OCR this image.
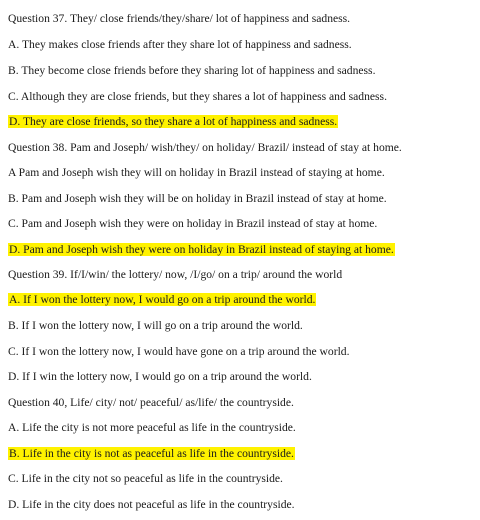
Question 37. They/ close friends/they/share/ lot of happiness and sadness.
A. They makes close friends after they share lot of happiness and sadness.
B. They become close friends before they sharing lot of happiness and sadness.
C. Although they are close friends, but they shares a lot of happiness and sadness.
D. They are close friends, so they share a lot of happiness and sadness.
Question 38. Pam and Joseph/ wish/they/ on holiday/ Brazil/ instead of stay at home.
A Pam and Joseph wish they will on holiday in Brazil instead of staying at home.
B. Pam and Joseph wish they will be on holiday in Brazil instead of stay at home.
C. Pam and Joseph wish they were on holiday in Brazil instead of stay at home.
D. Pam and Joseph wish they were on holiday in Brazil instead of staying at home.
Question 39. If/I/win/ the lottery/ now, /I/go/ on a trip/ around the world
A. If I won the lottery now, I would go on a trip around the world.
B. If I won the lottery now, I will go on a trip around the world.
C. If I won the lottery now, I would have gone on a trip around the world.
D. If I win the lottery now, I would go on a trip around the world.
Question 40, Life/ city/ not/ peaceful/ as/life/ the countryside.
A. Life the city is not more peaceful as life in the countryside.
B. Life in the city is not as peaceful as life in the countryside.
C. Life in the city not so peaceful as life in the countryside.
D. Life in the city does not peaceful as life in the countryside.
